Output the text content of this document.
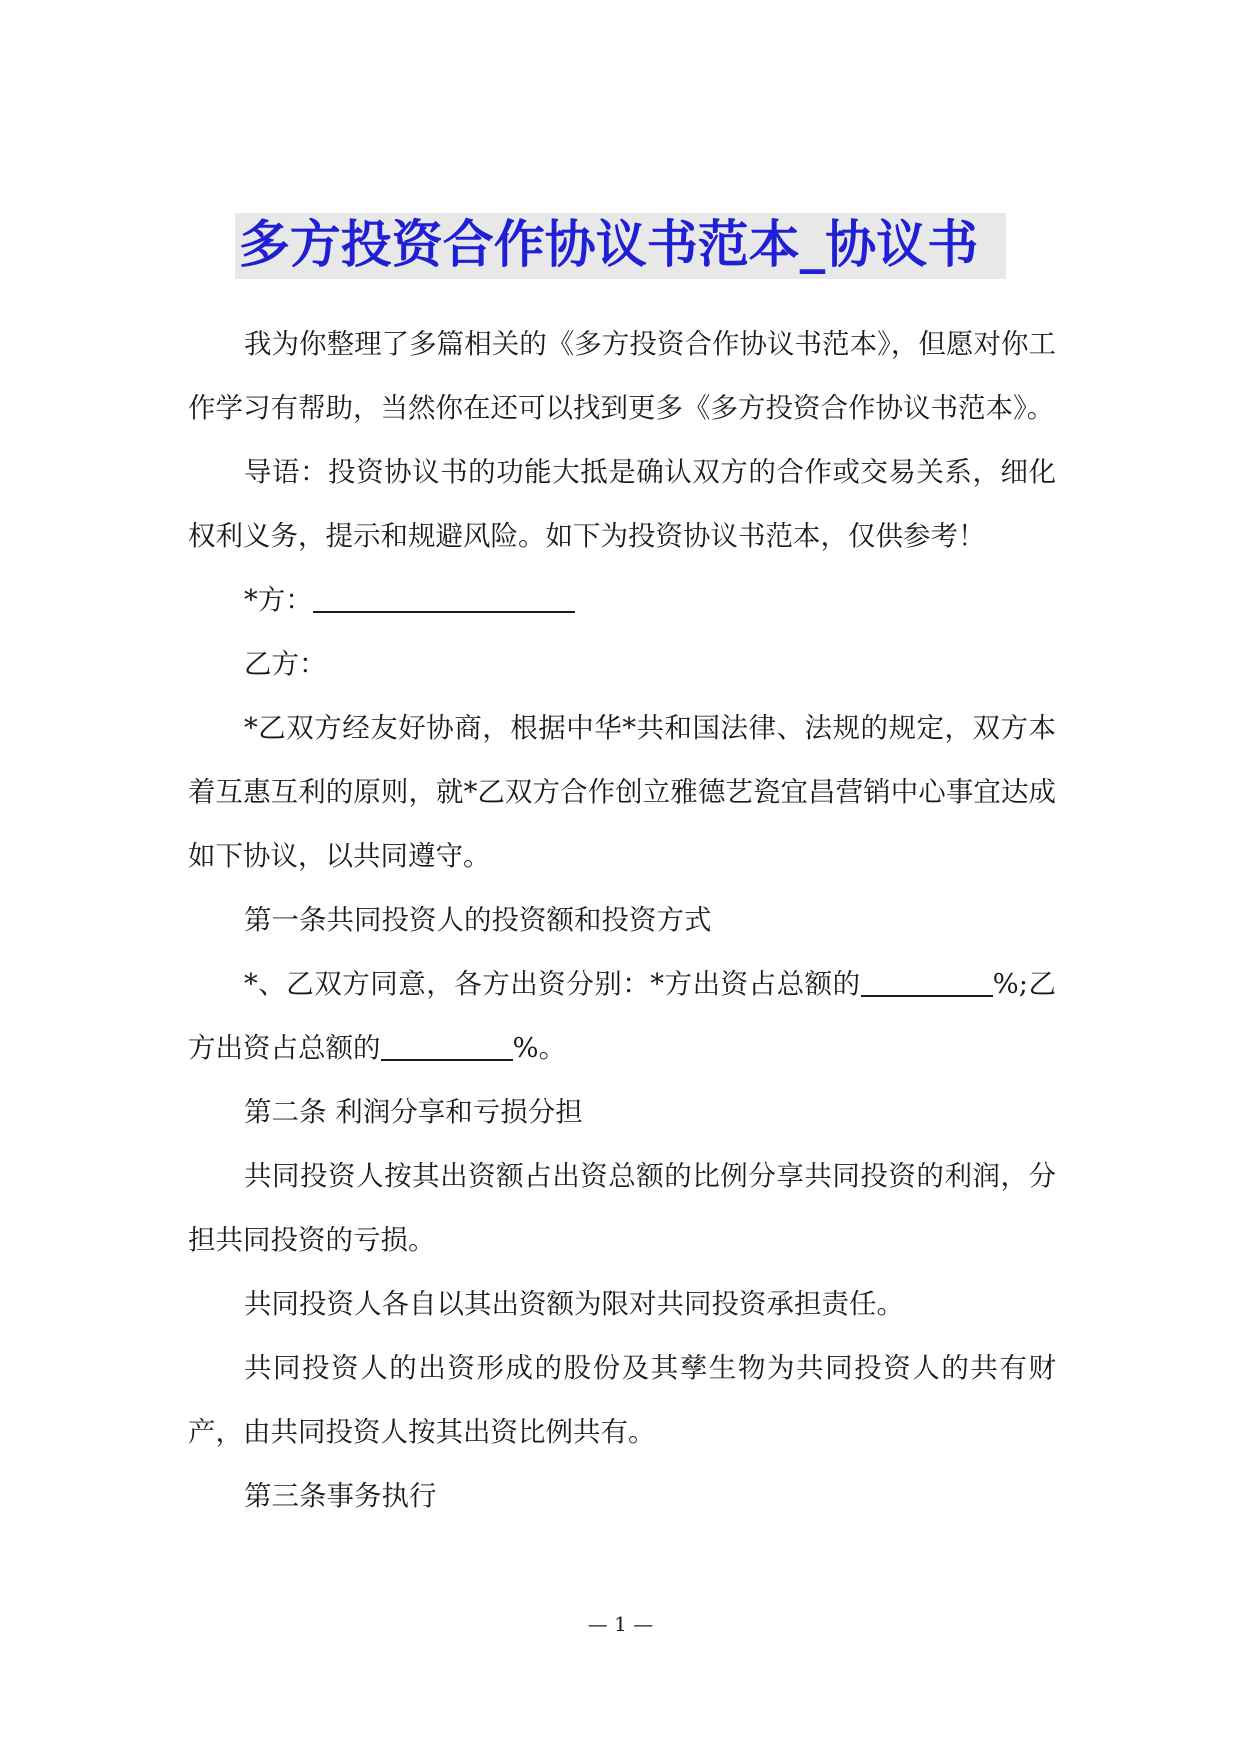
多方投资合作协议书范本_协议书

我为你整理了多篇相关的《多方投资合作协议书范本》，但愿对你工作学习有帮助，当然你在还可以找到更多《多方投资合作协议书范本》。

导语：投资协议书的功能大抵是确认双方的合作或交易关系，细化权利义务，提示和规避风险。如下为投资协议书范本，仅供参考！

*方：

乙方：

*乙双方经友好协商，根据中华*共和国法律、法规的规定，双方本着互惠互利的原则，就*乙双方合作创立雅德艺瓷宜昌营销中心事宜达成如下协议，以共同遵守。

第一条共同投资人的投资额和投资方式

*、乙双方同意，各方出资分别：*方出资占总额的	%;乙方出资占总额的	%。

第二条 利润分享和亏损分担

共同投资人按其出资额占出资总额的比例分享共同投资的利润，分担共同投资的亏损。

共同投资人各自以其出资额为限对共同投资承担责任。

共同投资人的出资形成的股份及其孳生物为共同投资人的共有财产，由共同投资人按其出资比例共有。

第三条事务执行

— 1 —
